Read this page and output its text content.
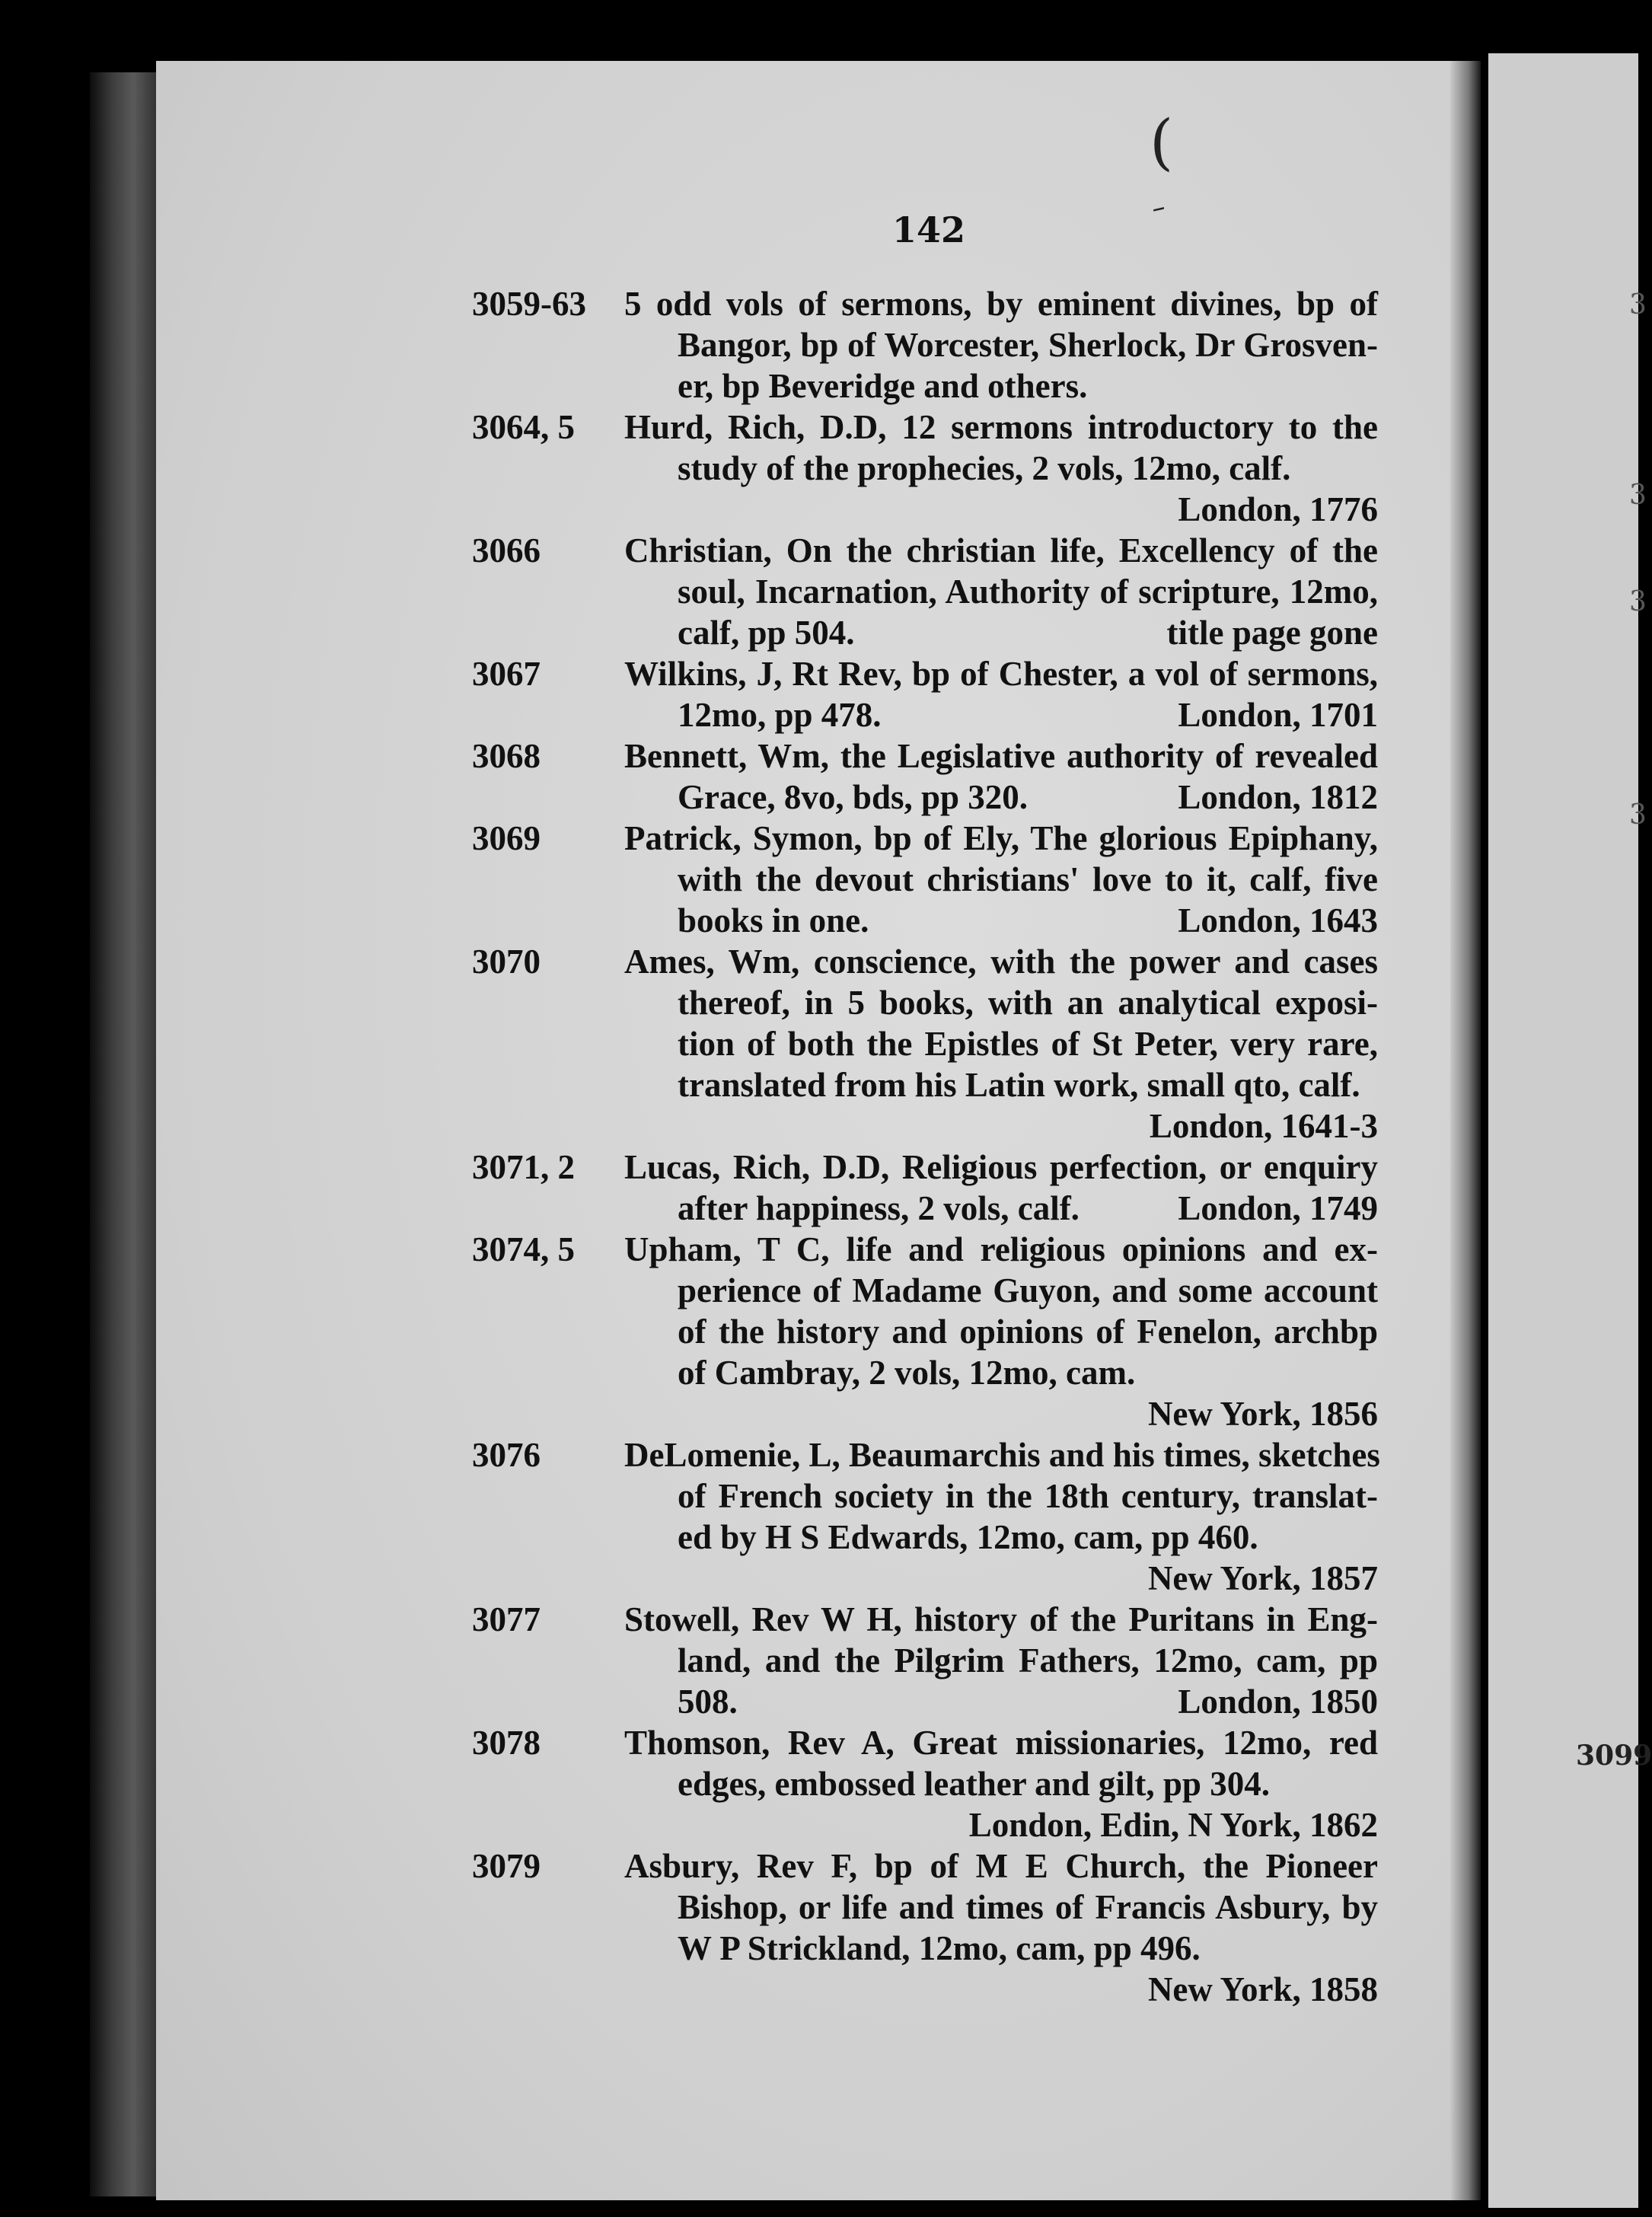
3
3
3
3
3099
(
ﹶ
142
3059-63 5 odd vols of sermons, by eminent divines, bp of
Bangor, bp of Worcester, Sherlock, Dr Grosven-
er, bp Beveridge and others.
3064, 5 Hurd, Rich, D.D, 12 sermons introductory to the
study of the prophecies, 2 vols, 12mo, calf.
London, 1776
3066 Christian, On the christian life, Excellency of the
soul, Incarnation, Authority of scripture, 12mo,
calf, pp 504.	title page gone
3067 Wilkins, J, Rt Rev, bp of Chester, a vol of sermons,
12mo, pp 478.	London, 1701
3068 Bennett, Wm, the Legislative authority of revealed
Grace, 8vo, bds, pp 320.	London, 1812
3069 Patrick, Symon, bp of Ely, The glorious Epiphany,
with the devout christians' love to it, calf, five
books in one.	London, 1643
3070 Ames, Wm, conscience, with the power and cases
thereof, in 5 books, with an analytical exposi-
tion of both the Epistles of St Peter, very rare,
translated from his Latin work, small qto, calf.
London, 1641-3
3071, 2 Lucas, Rich, D.D, Religious perfection, or enquiry
after happiness, 2 vols, calf.	London, 1749
3074, 5 Upham, T C, life and religious opinions and ex-
perience of Madame Guyon, and some account
of the history and opinions of Fenelon, archbp
of Cambray, 2 vols, 12mo, cam.
New York, 1856
3076 DeLomenie, L, Beaumarchis and his times, sketches
of French society in the 18th century, translat-
ed by H S Edwards, 12mo, cam, pp 460.
New York, 1857
3077 Stowell, Rev W H, history of the Puritans in Eng-
land, and the Pilgrim Fathers, 12mo, cam, pp
508.	London, 1850
3078 Thomson, Rev A, Great missionaries, 12mo, red
edges, embossed leather and gilt, pp 304.
London, Edin, N York, 1862
3079 Asbury, Rev F, bp of M E Church, the Pioneer
Bishop, or life and times of Francis Asbury, by
W P Strickland, 12mo, cam, pp 496.
New York, 1858
